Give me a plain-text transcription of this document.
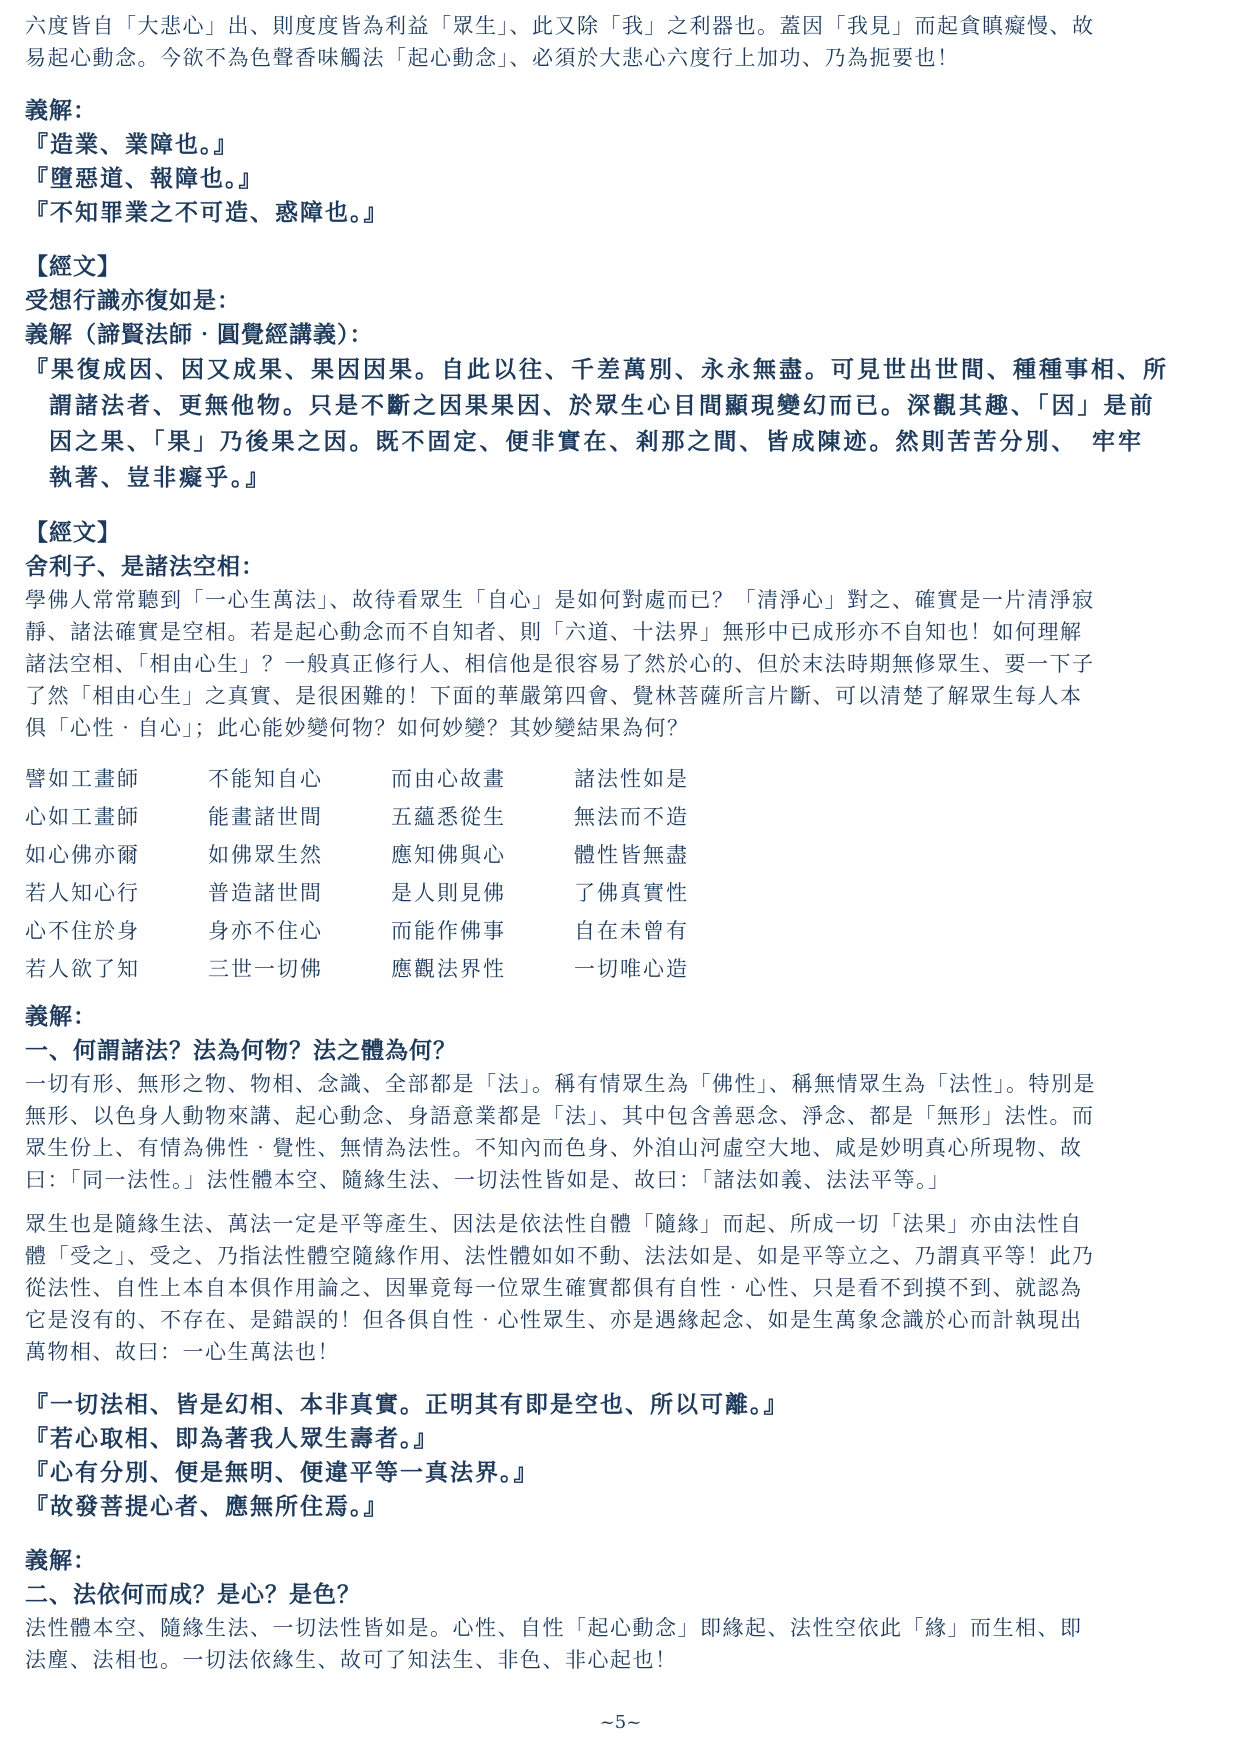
六度皆自「大悲心」出、則度度皆為利益「眾生」、此又除「我」之利器也。蓋因「我見」而起貪瞋癡慢、故

易起心動念。今欲不為色聲香味觸法「起心動念」、必須於大悲心六度行上加功、乃為扼要也！

義解：

『造業、業障也。』

『墮惡道、報障也。』

『不知罪業之不可造、惑障也。』

【經文】

受想行識亦復如是：

義解（諦賢法師‧圓覺經講義）：

『果復成因、因又成果、果因因果。自此以往、千差萬別、永永無盡。可見世出世間、種種事相、所

謂諸法者、更無他物。只是不斷之因果果因、於眾生心目間顯現變幻而已。深觀其趣、「因」是前

因之果、「果」乃後果之因。既不固定、便非實在、剎那之間、皆成陳迹。然則苦苦分別、　牢牢

執著、豈非癡乎。』

【經文】

舍利子、是諸法空相：

學佛人常常聽到「一心生萬法」、故待看眾生「自心」是如何對處而已？「清淨心」對之、確實是一片清淨寂

靜、諸法確實是空相。若是起心動念而不自知者、則「六道、十法界」無形中已成形亦不自知也！如何理解

諸法空相、「相由心生」？一般真正修行人、相信他是很容易了然於心的、但於末法時期無修眾生、要一下子

了然「相由心生」之真實、是很困難的！下面的華嚴第四會、覺林菩薩所言片斷、可以清楚了解眾生每人本

俱「心性‧自心」；此心能妙變何物？如何妙變？其妙變結果為何？

譬如工畫師	不能知自心	而由心故畫	諸法性如是
心如工畫師	能畫諸世間	五蘊悉從生	無法而不造
如心佛亦爾	如佛眾生然	應知佛與心	體性皆無盡
若人知心行	普造諸世間	是人則見佛	了佛真實性
心不住於身	身亦不住心	而能作佛事	自在未曾有
若人欲了知	三世一切佛	應觀法界性	一切唯心造

義解：

一、何謂諸法？法為何物？法之體為何？

一切有形、無形之物、物相、念識、全部都是「法」。稱有情眾生為「佛性」、稱無情眾生為「法性」。特別是

無形、以色身人動物來講、起心動念、身語意業都是「法」、其中包含善惡念、淨念、都是「無形」法性。而

眾生份上、有情為佛性‧覺性、無情為法性。不知內而色身、外洎山河虛空大地、咸是妙明真心所現物、故

曰：「同一法性。」法性體本空、隨緣生法、一切法性皆如是、故曰：「諸法如義、法法平等。」

眾生也是隨緣生法、萬法一定是平等產生、因法是依法性自體「隨緣」而起、所成一切「法果」亦由法性自

體「受之」、受之、乃指法性體空隨緣作用、法性體如如不動、法法如是、如是平等立之、乃謂真平等！此乃

從法性、自性上本自本俱作用論之、因畢竟每一位眾生確實都俱有自性‧心性、只是看不到摸不到、就認為

它是沒有的、不存在、是錯誤的！但各俱自性‧心性眾生、亦是遇緣起念、如是生萬象念識於心而計執現出

萬物相、故曰：一心生萬法也！

『一切法相、皆是幻相、本非真實。正明其有即是空也、所以可離。』

『若心取相、即為著我人眾生壽者。』

『心有分別、便是無明、便違平等一真法界。』

『故發菩提心者、應無所住焉。』

義解：

二、法依何而成？是心？是色？

法性體本空、隨緣生法、一切法性皆如是。心性、自性「起心動念」即緣起、法性空依此「緣」而生相、即

法塵、法相也。一切法依緣生、故可了知法生、非色、非心起也！

~5~
